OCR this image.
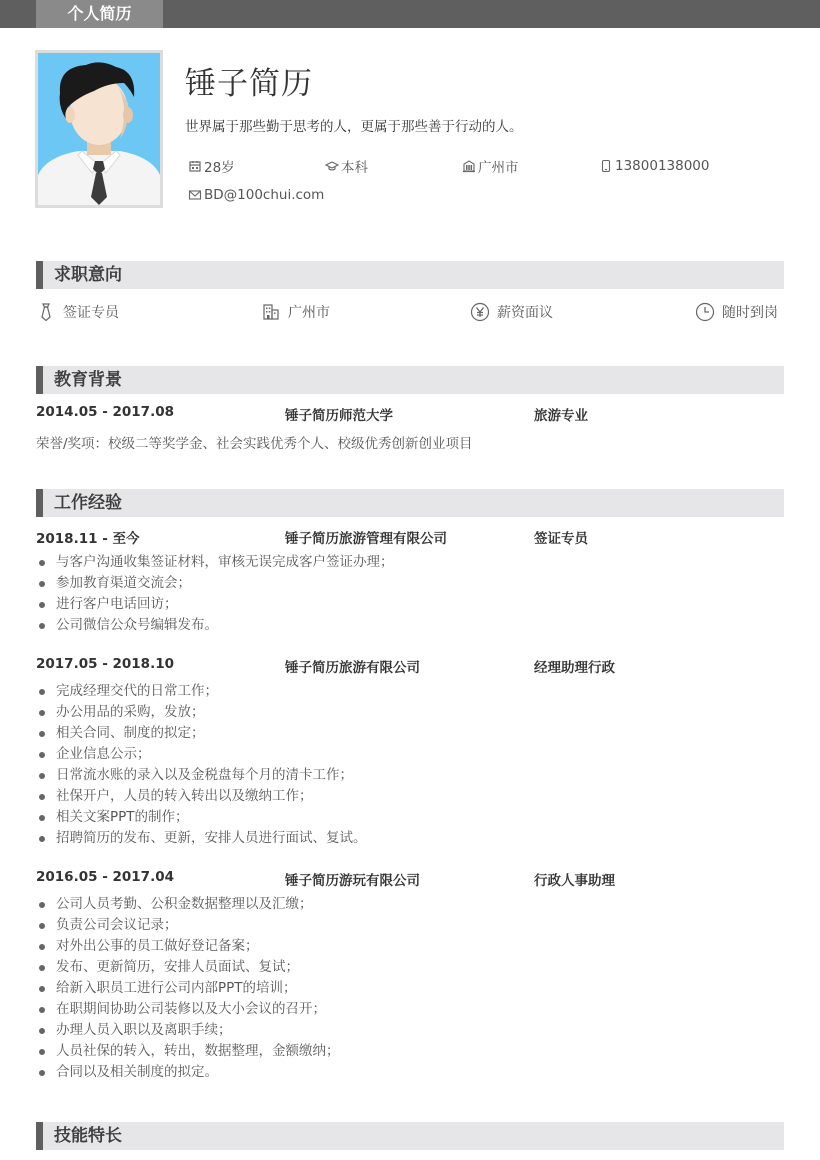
个人简历
锤子简历
世界属于那些勤于思考的人，更属于那些善于行动的人。
28岁	本科	广州市	13800138000
BD@100chui.com
求职意向
签证专员	广州市	薪资面议	随时到岗
教育背景
2014.05 - 2017.08	锤子简历师范大学	旅游专业
荣誉/奖项：校级二等奖学金、社会实践优秀个人、校级优秀创新创业项目
工作经验
2018.11 - 至今	锤子简历旅游管理有限公司	签证专员
与客户沟通收集签证材料，审核无误完成客户签证办理；
参加教育渠道交流会；
进行客户电话回访；
公司微信公众号编辑发布。
2017.05 - 2018.10	锤子简历旅游有限公司	经理助理行政
完成经理交代的日常工作；
办公用品的采购，发放；
相关合同、制度的拟定；
企业信息公示；
日常流水账的录入以及金税盘每个月的清卡工作；
社保开户，人员的转入转出以及缴纳工作；
相关文案PPT的制作；
招聘简历的发布、更新，安排人员进行面试、复试。
2016.05 - 2017.04	锤子简历游玩有限公司	行政人事助理
公司人员考勤、公积金数据整理以及汇缴；
负责公司会议记录；
对外出公事的员工做好登记备案；
发布、更新简历，安排人员面试、复试；
给新入职员工进行公司内部PPT的培训；
在职期间协助公司装修以及大小会议的召开；
办理人员入职以及离职手续；
人员社保的转入，转出，数据整理，金额缴纳；
合同以及相关制度的拟定。
技能特长
